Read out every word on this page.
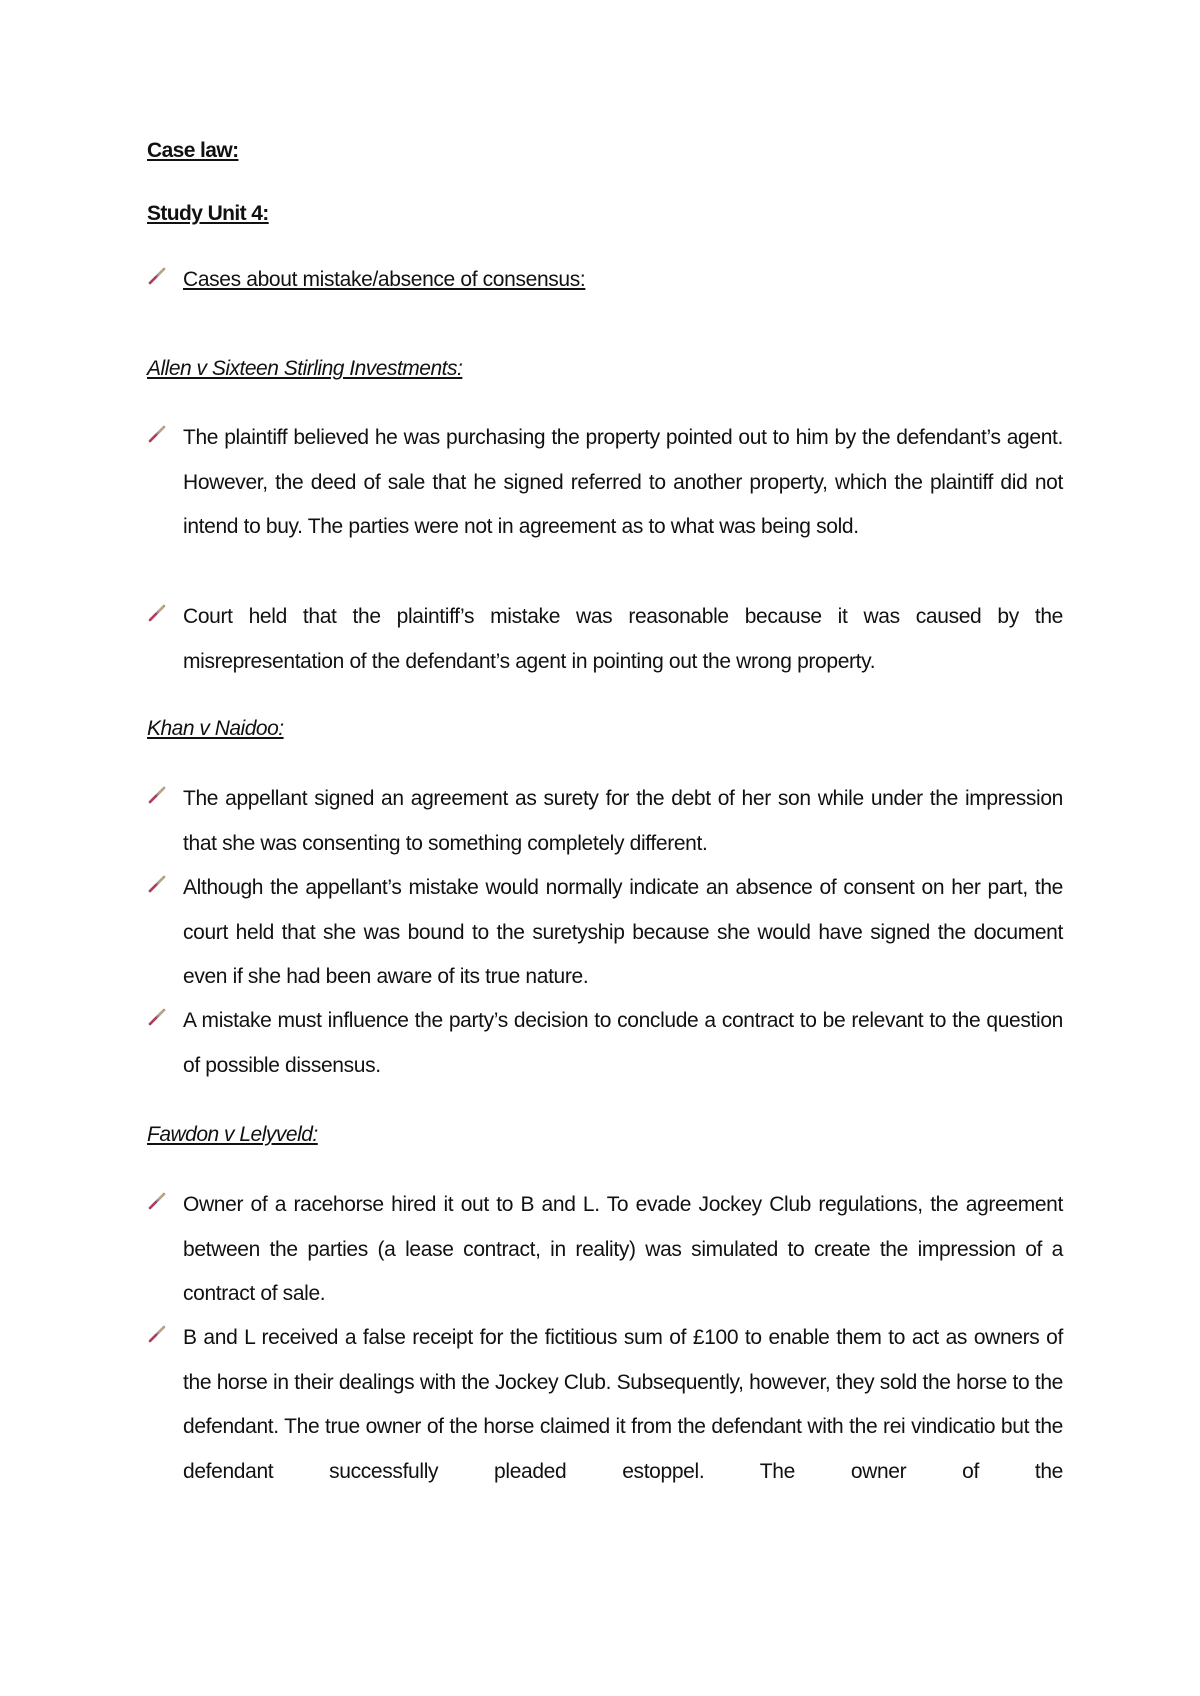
Case law:

Study Unit 4:

Cases about mistake/absence of consensus:

Allen v Sixteen Stirling Investments:

The plaintiff believed he was purchasing the property pointed out to him by the defendant’s agent. However, the deed of sale that he signed referred to another property, which the plaintiff did not intend to buy. The parties were not in agreement as to what was being sold.
Court held that the plaintiff’s mistake was reasonable because it was caused by the misrepresentation of the defendant’s agent in pointing out the wrong property.

Khan v Naidoo:

The appellant signed an agreement as surety for the debt of her son while under the impression that she was consenting to something completely different.
Although the appellant’s mistake would normally indicate an absence of consent on her part, the court held that she was bound to the suretyship because she would have signed the document even if she had been aware of its true nature.
A mistake must influence the party’s decision to conclude a contract to be relevant to the question of possible dissensus.

Fawdon v Lelyveld:

Owner of a racehorse hired it out to B and L. To evade Jockey Club regulations, the agreement between the parties (a lease contract, in reality) was simulated to create the impression of a contract of sale.
B and L received a false receipt for the fictitious sum of £100 to enable them to act as owners of the horse in their dealings with the Jockey Club. Subsequently, however, they sold the horse to the defendant. The true owner of the horse claimed it from the defendant with the rei vindicatio but the defendant successfully pleaded estoppel. The owner of the
